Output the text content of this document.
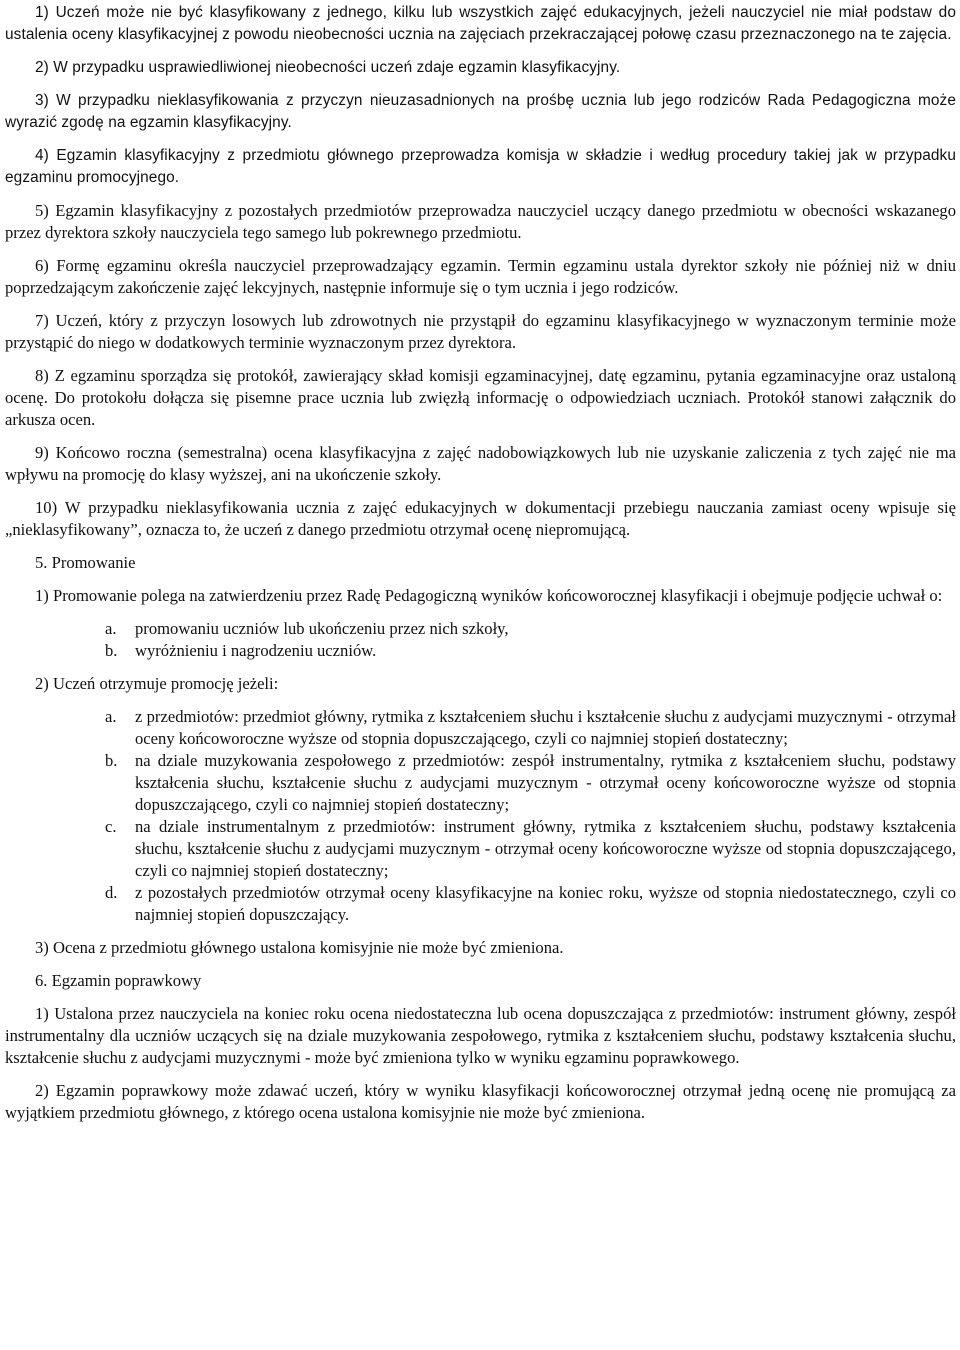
1) Uczeń może nie być klasyfikowany z jednego, kilku lub wszystkich zajęć edukacyjnych, jeżeli nauczyciel nie miał podstaw do ustalenia oceny klasyfikacyjnej z powodu nieobecności ucznia na zajęciach przekraczającej połowę czasu przeznaczonego na te zajęcia.

2) W przypadku usprawiedliwionej nieobecności uczeń zdaje egzamin klasyfikacyjny.

3) W przypadku nieklasyfikowania z przyczyn nieuzasadnionych na prośbę ucznia lub jego rodziców Rada Pedagogiczna może wyrazić zgodę na egzamin klasyfikacyjny.

4) Egzamin klasyfikacyjny z przedmiotu głównego przeprowadza komisja w składzie i według procedury takiej jak w przypadku egzaminu promocyjnego.

5) Egzamin klasyfikacyjny z pozostałych przedmiotów przeprowadza nauczyciel uczący danego przedmiotu w obecności wskazanego przez dyrektora szkoły nauczyciela tego samego lub pokrewnego przedmiotu.

6) Formę egzaminu określa nauczyciel przeprowadzający egzamin. Termin egzaminu ustala dyrektor szkoły nie później niż w dniu poprzedzającym zakończenie zajęć lekcyjnych, następnie informuje się o tym ucznia i jego rodziców.

7) Uczeń, który z przyczyn losowych lub zdrowotnych nie przystąpił do egzaminu klasyfikacyjnego w wyznaczonym terminie może przystąpić do niego w dodatkowych terminie wyznaczonym przez dyrektora.

8) Z egzaminu sporządza się protokół, zawierający skład komisji egzaminacyjnej, datę egzaminu, pytania egzaminacyjne oraz ustaloną ocenę. Do protokołu dołącza się pisemne prace ucznia lub zwięzłą informację o odpowiedziach uczniach. Protokół stanowi załącznik do arkusza ocen.

9) Końcowo roczna (semestralna) ocena klasyfikacyjna z zajęć nadobowiązkowych lub nie uzyskanie zaliczenia z tych zajęć nie ma wpływu na promocję do klasy wyższej, ani na ukończenie szkoły.

10) W przypadku nieklasyfikowania ucznia z zajęć edukacyjnych w dokumentacji przebiegu nauczania zamiast oceny wpisuje się „nieklasyfikowany”, oznacza to, że uczeń z danego przedmiotu otrzymał ocenę niepromującą.

5. Promowanie

1) Promowanie polega na zatwierdzeniu przez Radę Pedagogiczną wyników końcoworocznej klasyfikacji i obejmuje podjęcie uchwał o:

a. promowaniu uczniów lub ukończeniu przez nich szkoły,
b. wyróżnieniu i nagrodzeniu uczniów.

2) Uczeń otrzymuje promocję jeżeli:

a. z przedmiotów: przedmiot główny, rytmika z kształceniem słuchu i kształcenie słuchu z audycjami muzycznymi - otrzymał oceny końcoworoczne wyższe od stopnia dopuszczającego, czyli co najmniej stopień dostateczny;
b. na dziale muzykowania zespołowego z przedmiotów: zespół instrumentalny, rytmika z kształceniem słuchu, podstawy kształcenia słuchu, kształcenie słuchu z audycjami muzycznym - otrzymał oceny końcoworoczne wyższe od stopnia dopuszczającego, czyli co najmniej stopień dostateczny;
c. na dziale instrumentalnym z przedmiotów: instrument główny, rytmika z kształceniem słuchu, podstawy kształcenia słuchu, kształcenie słuchu z audycjami muzycznym - otrzymał oceny końcoworoczne wyższe od stopnia dopuszczającego, czyli co najmniej stopień dostateczny;
d. z pozostałych przedmiotów otrzymał oceny klasyfikacyjne na koniec roku, wyższe od stopnia niedostatecznego, czyli co najmniej stopień dopuszczający.

3) Ocena z przedmiotu głównego ustalona komisyjnie nie może być zmieniona.

6. Egzamin poprawkowy

1) Ustalona przez nauczyciela na koniec roku ocena niedostateczna lub ocena dopuszczająca z przedmiotów: instrument główny, zespół instrumentalny dla uczniów uczących się na dziale muzykowania zespołowego, rytmika z kształceniem słuchu, podstawy kształcenia słuchu, kształcenie słuchu z audycjami muzycznymi - może być zmieniona tylko w wyniku egzaminu poprawkowego.

2) Egzamin poprawkowy może zdawać uczeń, który w wyniku klasyfikacji końcoworocznej otrzymał jedną ocenę nie promującą za wyjątkiem przedmiotu głównego, z którego ocena ustalona komisyjnie nie może być zmieniona.
